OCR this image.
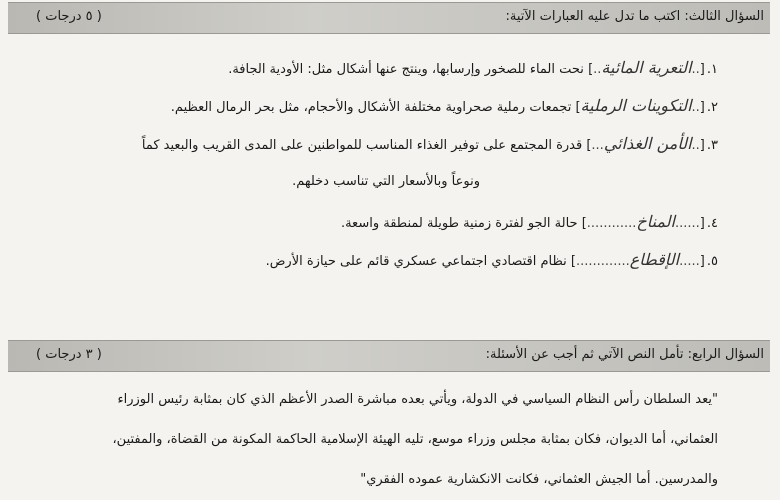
السؤال الثالث: اكتب ما تدل عليه العبارات الآتية:
( ٥ درجات )
١.[..التعرية المائية..] نحت الماء للصخور وإرسابها، وينتج عنها أشكال مثل: الأودية الجافة.
٢.[..التكوينات الرملية] تجمعات رملية صحراوية مختلفة الأشكال والأحجام، مثل بحر الرمال العظيم.
٣.[..الأمن الغذائي...] قدرة المجتمع على توفير الغذاء المناسب للمواطنين على المدى القريب والبعيد كماً
ونوعاً وبالأسعار التي تناسب دخلهم.
٤.[......المناخ............] حالة الجو لفترة زمنية طويلة لمنطقة واسعة.
٥.[.....الإقطاع.............] نظام اقتصادي اجتماعي عسكري قائم على حيازة الأرض.
السؤال الرابع: تأمل النص الآتي ثم أجب عن الأسئلة:
( ٣ درجات )
"يعد السلطان رأس النظام السياسي في الدولة، ويأتي بعده مباشرة الصدر الأعظم الذي كان بمثابة رئيس الوزراء
العثماني، أما الديوان، فكان بمثابة مجلس وزراء موسع، تليه الهيئة الإسلامية الحاكمة المكونة من القضاة، والمفتين،
والمدرسين. أما الجيش العثماني، فكانت الانكشارية عموده الفقري"
